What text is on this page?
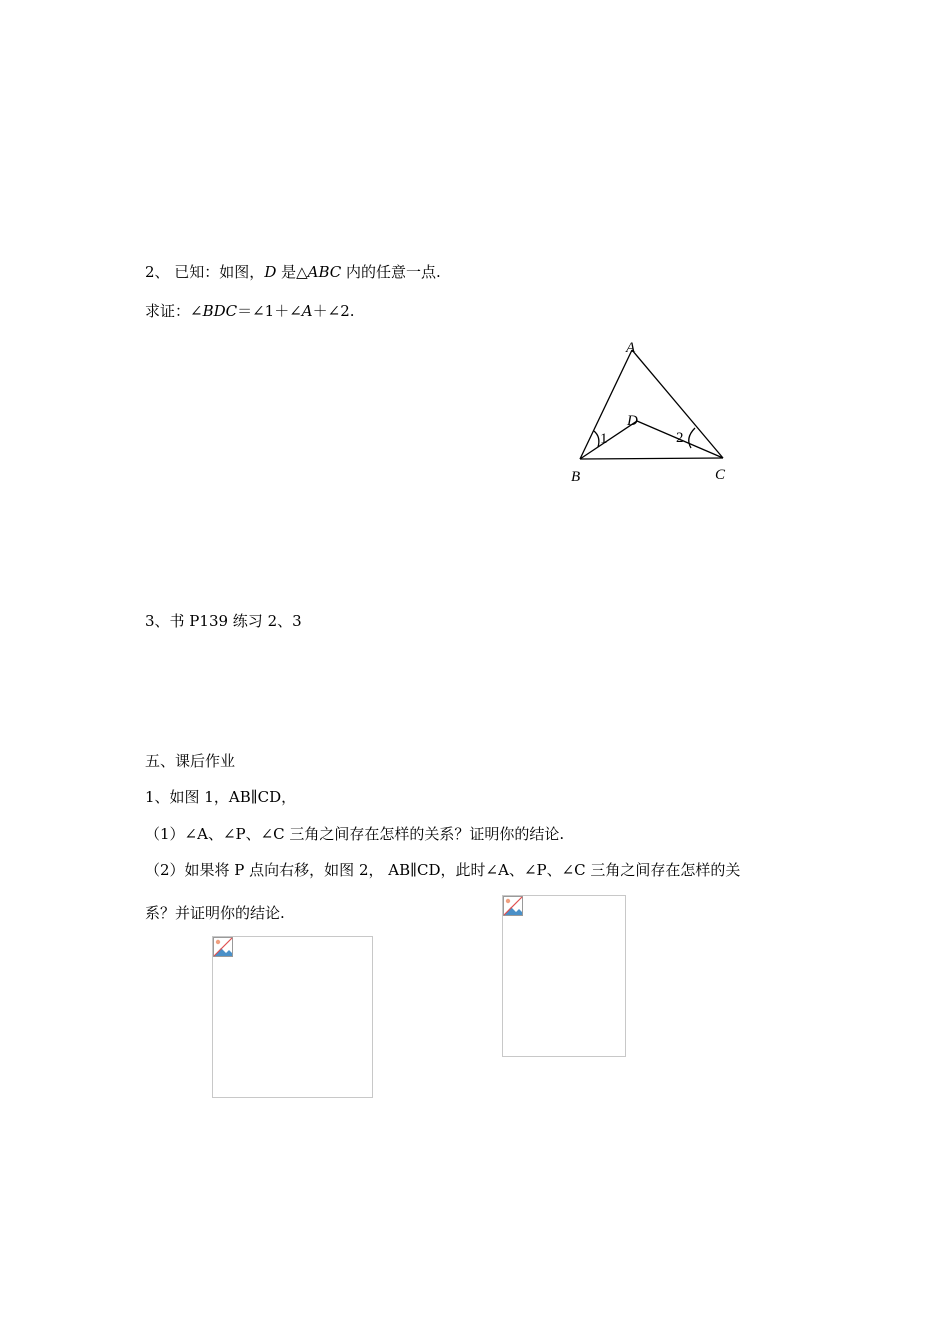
2、 已知：如图，D 是△ABC 内的任意一点.
求证：∠BDC＝∠1＋∠A＋∠2.
A
D
B	C
1	2
3、书 P139 练习 2、3
五、课后作业
1、如图 1，AB∥CD，
（1）∠A、∠P、∠C 三角之间存在怎样的关系？证明你的结论.
（2）如果将 P 点向右移，如图 2， AB∥CD，此时∠A、∠P、∠C 三角之间存在怎样的关
系？并证明你的结论.
